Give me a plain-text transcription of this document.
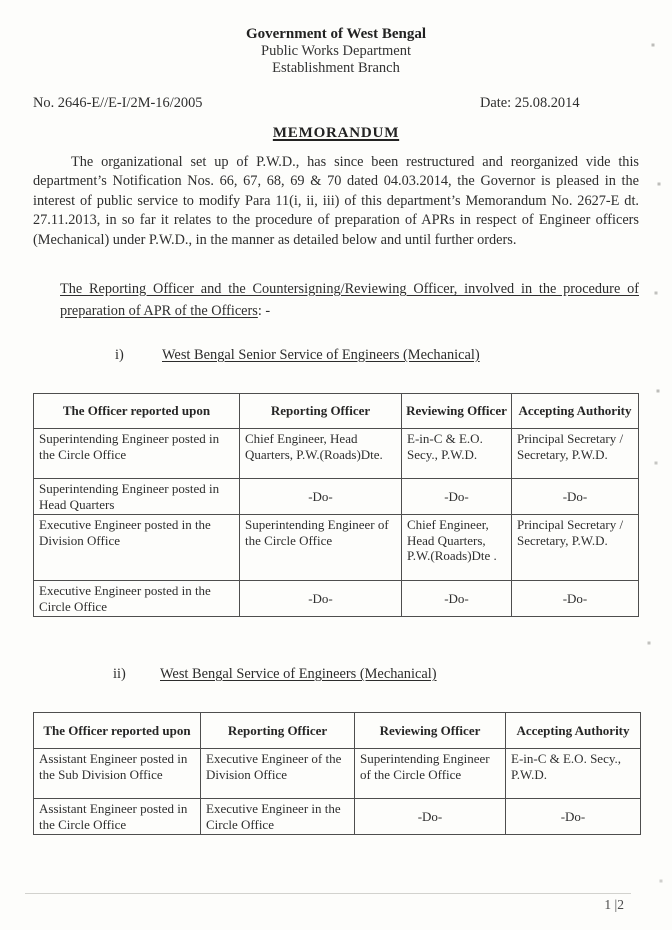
Government of West Bengal
Public Works Department
Establishment Branch
No. 2646-E//E-I/2M-16/2005	Date: 25.08.2014
MEMORANDUM

The organizational set up of P.W.D., has since been restructured and reorganized vide this department’s Notification Nos. 66, 67, 68, 69 & 70 dated 04.03.2014, the Governor is pleased in the interest of public service to modify Para 11(i, ii, iii) of this department’s Memorandum No. 2627-E dt. 27.11.2013, in so far it relates to the procedure of preparation of APRs in respect of Engineer officers (Mechanical) under P.W.D., in the manner as detailed below and until further orders.

The Reporting Officer and the Countersigning/Reviewing Officer, involved in the procedure of preparation of APR of the Officers: -

i)	West Bengal Senior Service of Engineers (Mechanical)
The Officer reported upon	Reporting Officer	Reviewing Officer	Accepting Authority
Superintending Engineer posted in the Circle Office	Chief Engineer, Head Quarters, P.W.(Roads)Dte.	E-in-C & E.O. Secy., P.W.D.	Principal Secretary / Secretary, P.W.D.
Superintending Engineer posted in Head Quarters	-Do-	-Do-	-Do-
Executive Engineer posted in the Division Office	Superintending Engineer of the Circle Office	Chief Engineer, Head Quarters, P.W.(Roads)Dte .	Principal Secretary / Secretary, P.W.D.
Executive Engineer posted in the Circle Office	-Do-	-Do-	-Do-
ii) West Bengal Service of Engineers (Mechanical)
The Officer reported upon	Reporting Officer	Reviewing Officer	Accepting Authority
Assistant Engineer posted in the Sub Division Office	Executive Engineer of the Division Office	Superintending Engineer of the Circle Office	E-in-C & E.O. Secy., P.W.D.
Assistant Engineer posted in the Circle Office	Executive Engineer in the Circle Office	-Do-	-Do-
1 |2
